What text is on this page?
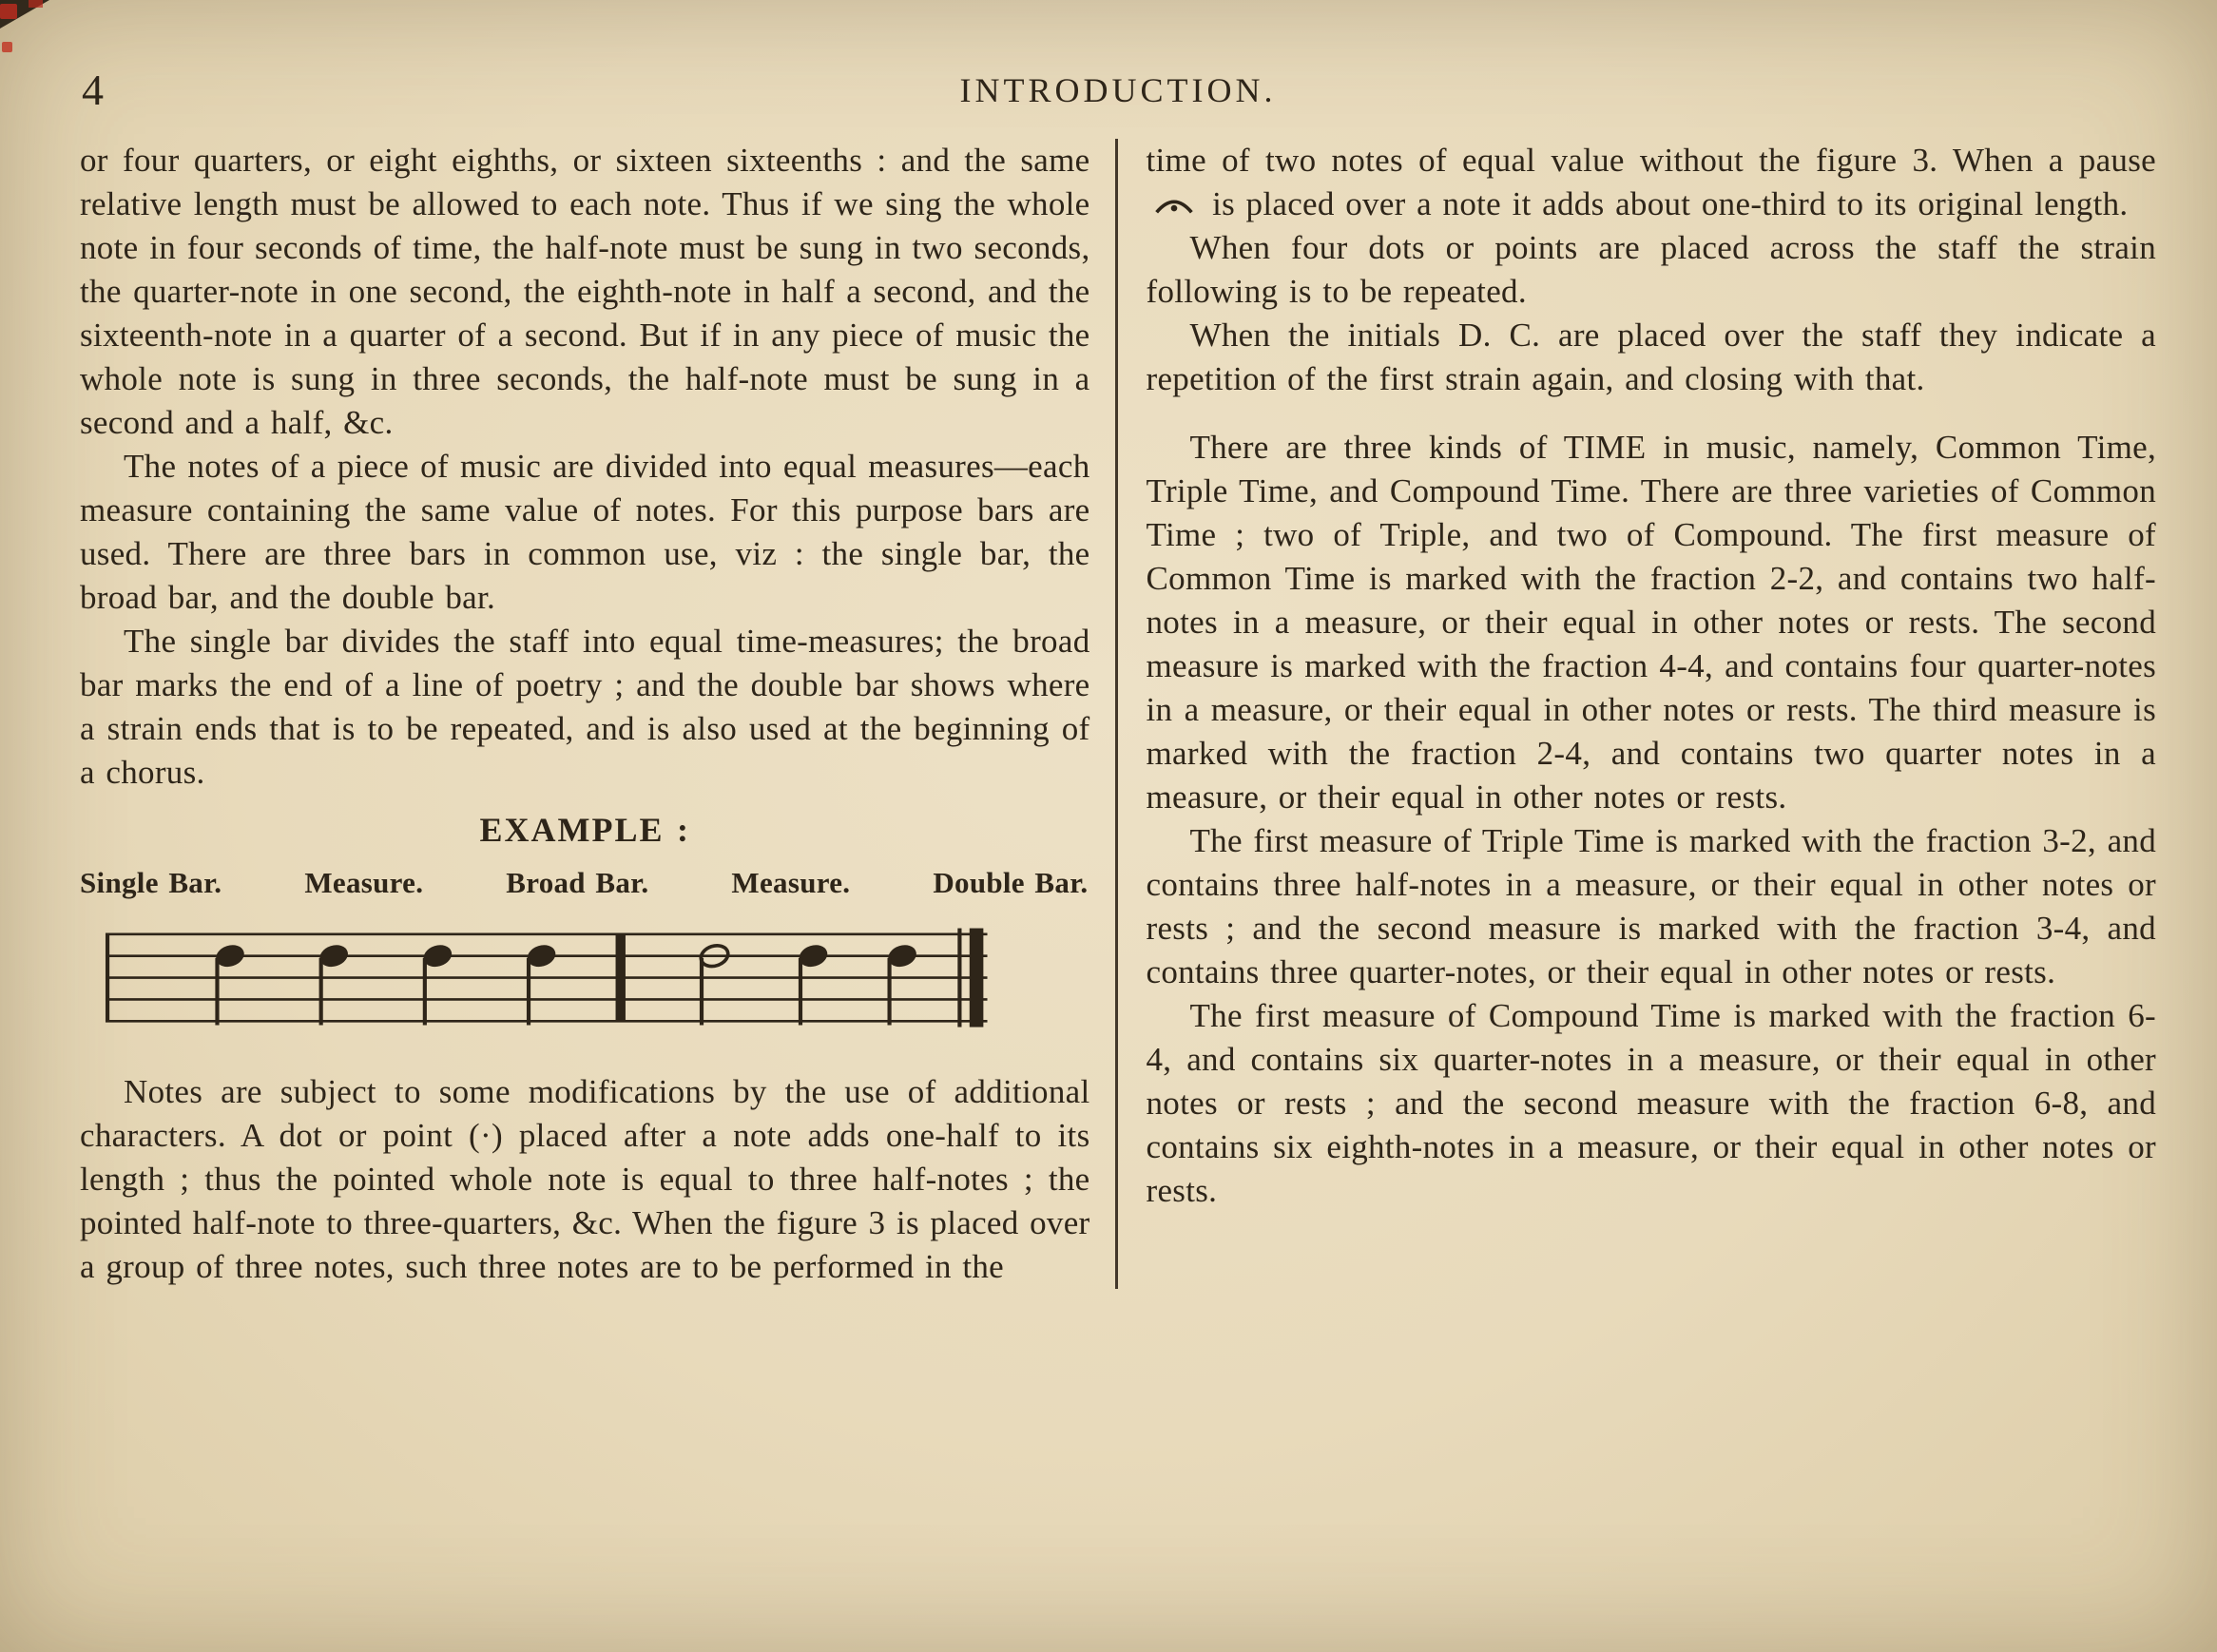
4	INTRODUCTION.

or four quarters, or eight eighths, or sixteen sixteenths : and the same relative length must be allowed to each note. Thus if we sing the whole note in four seconds of time, the half-note must be sung in two seconds, the quarter-note in one second, the eighth-note in half a second, and the sixteenth-note in a quarter of a second. But if in any piece of music the whole note is sung in three seconds, the half-note must be sung in a second and a half, &c.

The notes of a piece of music are divided into equal measures—each measure containing the same value of notes. For this purpose bars are used. There are three bars in common use, viz : the single bar, the broad bar, and the double bar.

The single bar divides the staff into equal time-measures; the broad bar marks the end of a line of poetry ; and the double bar shows where a strain ends that is to be repeated, and is also used at the beginning of a chorus.

EXAMPLE :

Single Bar.	Measure.	Broad Bar.	Measure.	Double Bar.

Notes are subject to some modifications by the use of additional characters. A dot or point (·) placed after a note adds one-half to its length ; thus the pointed whole note is equal to three half-notes ; the pointed half-note to three-quarters, &c. When the figure 3 is placed over a group of three notes, such three notes are to be performed in the

time of two notes of equal value without the figure 3. When a pause  is placed over a note it adds about one-third to its original length.

When four dots or points are placed across the staff the strain following is to be repeated.

When the initials D. C. are placed over the staff they indicate a repetition of the first strain again, and closing with that.

There are three kinds of TIME in music, namely, Common Time, Triple Time, and Compound Time. There are three varieties of Common Time ; two of Triple, and two of Compound. The first measure of Common Time is marked with the fraction 2-2, and contains two half-notes in a measure, or their equal in other notes or rests. The second measure is marked with the fraction 4-4, and contains four quarter-notes in a measure, or their equal in other notes or rests. The third measure is marked with the fraction 2-4, and contains two quarter notes in a measure, or their equal in other notes or rests.

The first measure of Triple Time is marked with the fraction 3-2, and contains three half-notes in a measure, or their equal in other notes or rests ; and the second measure is marked with the fraction 3-4, and contains three quarter-notes, or their equal in other notes or rests.

The first measure of Compound Time is marked with the fraction 6-4, and contains six quarter-notes in a measure, or their equal in other notes or rests ; and the second measure with the fraction 6-8, and contains six eighth-notes in a measure, or their equal in other notes or rests.
